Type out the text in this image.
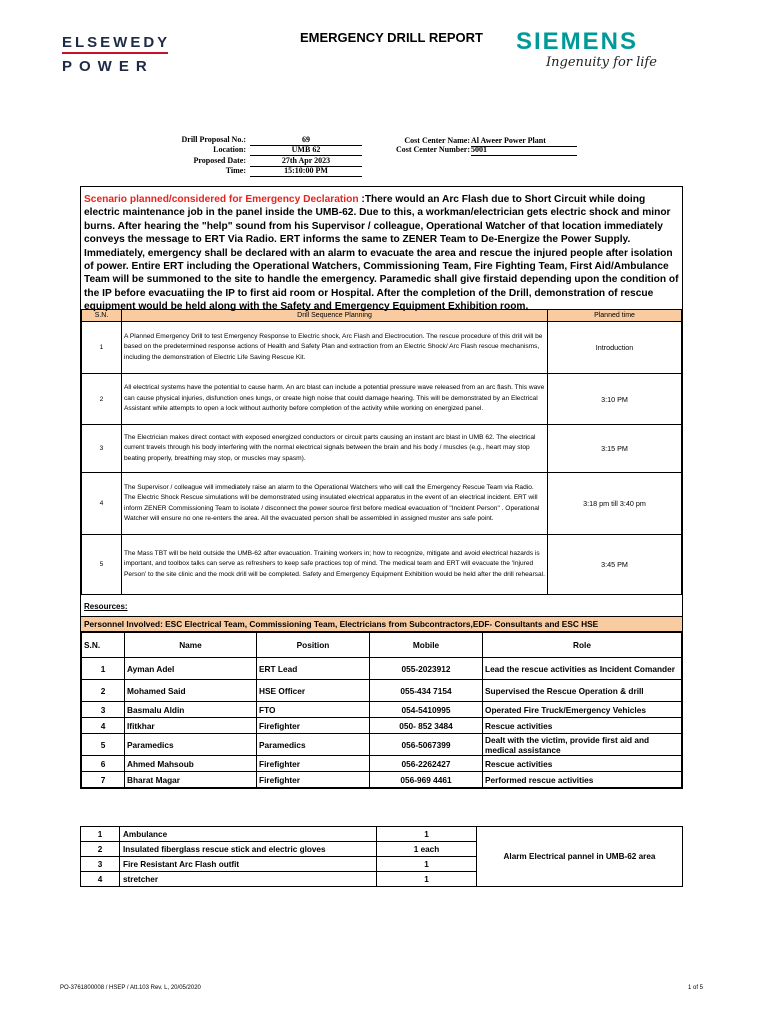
ELSEWEDY
POWER
EMERGENCY DRILL REPORT SIEMENS
Ingenuity for life
Drill Proposal No.:	69
Location:	UMB 62
Proposed Date:	27th Apr 2023
Time:	15:10:00 PM
Cost Center Name: Al Aweer Power Plant
Cost Center Number: 5001
Scenario planned/considered for Emergency Declaration :There would an Arc Flash due to Short Circuit while doing electric maintenance job in the panel inside the UMB-62. Due to this, a workman/electrician gets electric shock and minor burns. After hearing the "help" sound from his Supervisor / colleague, Operational Watcher of that location immediately conveys the message to ERT Via Radio. ERT informs the same to ZENER Team to De-Energize the Power Supply. Immediately, emergency shall be declared with an alarm to evacuate the area and rescue the injured people after isolation of power. Entire ERT including the Operational Watchers, Commissioning Team, Fire Fighting Team, First Aid/Ambulance Team will be summoned to the site to handle the emergency. Paramedic shall give firstaid depending upon the condition of the IP before evacuatiing the IP to first aid room or Hospital. After the completion of the Drill, demonstration of rescue equipment would be held along with the Safety and Emergency Equipment Exhibition room.
S.N.	Drill Sequence Planning	Planned time
1	A Planned Emergency Drill to test Emergency Response to Electric shock, Arc Flash and Electrocution. The rescue procedure of this drill will be based on the predetermined response actions of Health and Safety Plan and extraction from an Electric Shock/ Arc Flash rescue mechanisms, including the demonstration of Electric Life Saving Rescue Kit.	Introduction
2	All electrical systems have the potential to cause harm. An arc blast can include a potential pressure wave released from an arc flash. This wave can cause physical injuries, disfunction ones lungs, or create high noise that could damage hearing. This will be demonstrated by an Electrical Assistant while attempts to open a lock without authority before completion of the activity while working on energized panel.	3:10 PM
3	The Electrician makes direct contact with exposed energized conductors or circuit parts causing an instant arc blast in UMB 62. The electrical current travels through his body interfering with the normal electrical signals between the brain and his body / muscles (e.g., heart may stop beating properly, breathing may stop, or muscles may spasm).	3:15 PM
4	The Supervisor / colleague will immediately raise an alarm to the Operational Watchers who will call the Emergency Rescue Team via Radio. The Electric Shock Rescue simulations will be demonstrated using insulated electrical apparatus in the event of an electrical incident. ERT will inform ZENER Commissioning Team to isolate / disconnect the power source first before medical evacuation of "Incident Person" . Operational Watcher will ensure no one re-enters the area. All the evacuated person shall be assembled in assigned muster ans safe point.	3:18 pm till 3:40 pm
5	The Mass TBT will be held outside the UMB-62 after evacuation. Training workers in; how to recognize, mitigate and avoid electrical hazards is important, and toolbox talks can serve as refreshers to keep safe practices top of mind. The medical team and ERT will evacuate the 'Injured Person' to the site clinic and the mock drill will be completed. Safety and Emergency Equipment Exhibition would be held after the drill rehearsal.	3:45 PM
Resources:
Personnel Involved: ESC Electrical Team, Commissioning Team, Electricians from Subcontractors,EDF- Consultants and ESC HSE
S.N.	Name	Position	Mobile	Role
1	Ayman Adel	ERT Lead	055-2023912	Lead the rescue activities as Incident Comander
2	Mohamed Said	HSE Officer	055-434 7154	Supervised the Rescue Operation & drill
3	Basmalu Aldin	FTO	054-5410995	Operated Fire Truck/Emergency Vehicles
4	Ifitkhar	Firefighter	050- 852 3484	Rescue activities
5	Paramedics	Paramedics	056-5067399	Dealt with the victim, provide first aid and medical assistance
6	Ahmed Mahsoub	Firefighter	056-2262427	Rescue activities
7	Bharat Magar	Firefighter	056-969 4461	Performed rescue activities
1	Ambulance	1	Alarm Electrical pannel in UMB-62 area
2	Insulated fiberglass rescue stick and electric gloves	1 each	
3	Fire Resistant Arc Flash outfit	1	
4	stretcher	1	
PO-3761800008 / HSEP / Att.103 Rev. L, 20/05/2020	1 of 5
